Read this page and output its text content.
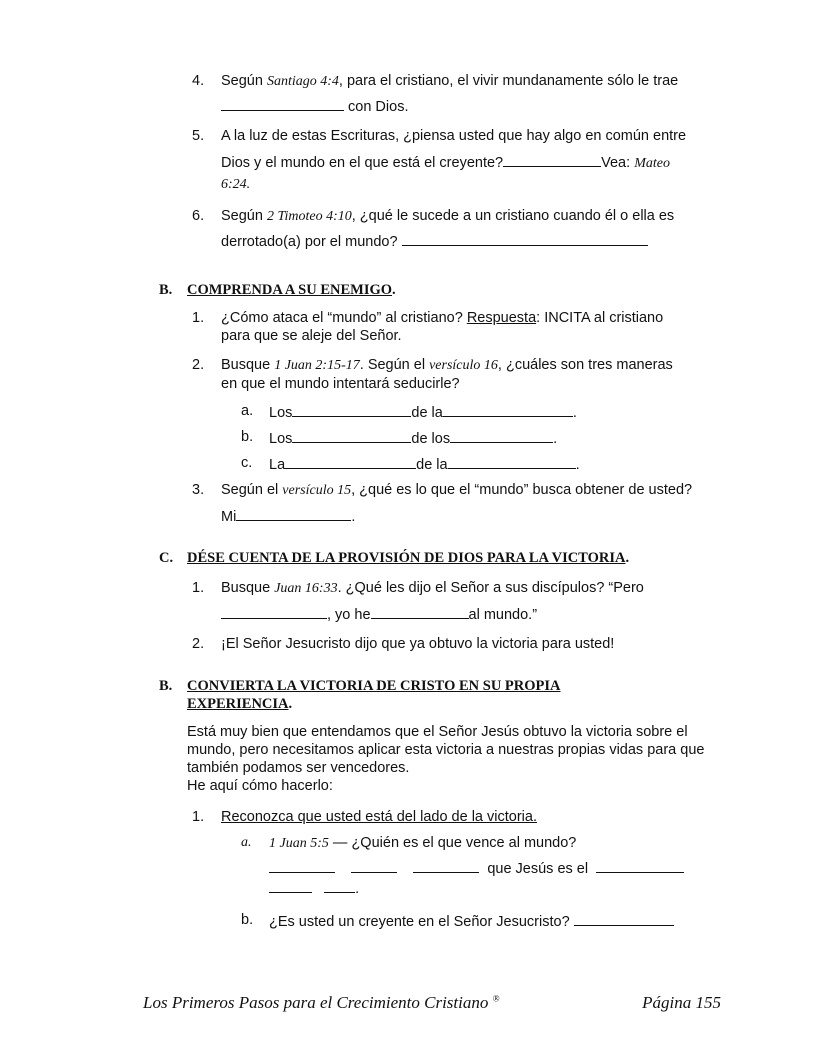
4. Según Santiago 4:4, para el cristiano, el vivir mundanamente sólo le trae
con Dios.
5. A la luz de estas Escrituras, ¿piensa usted que hay algo en común entre
Dios y el mundo en el que está el creyente?	Vea: Mateo
6:24.
6. Según 2 Timoteo 4:10, ¿qué le sucede a un cristiano cuando él o ella es
derrotado(a) por el mundo?
B. COMPRENDA A SU ENEMIGO.
1. ¿Cómo ataca el “mundo” al cristiano? Respuesta: INCITA al cristiano
para que se aleje del Señor.
2. Busque 1 Juan 2:15-17. Según el versículo 16, ¿cuáles son tres maneras
en que el mundo intentará seducirle?
a. Los	de la	.
b. Los	de los	.
c. La	de la	.
3. Según el versículo 15, ¿qué es lo que el “mundo” busca obtener de usted?
Mi	.
C. DÉSE CUENTA DE LA PROVISIÓN DE DIOS PARA LA VICTORIA.
1. Busque Juan 16:33. ¿Qué les dijo el Señor a sus discípulos? “Pero
, yo he	al mundo.”
2. ¡El Señor Jesucristo dijo que ya obtuvo la victoria para usted!
B. CONVIERTA LA VICTORIA DE CRISTO EN SU PROPIA
EXPERIENCIA.
Está muy bien que entendamos que el Señor Jesús obtuvo la victoria sobre el
mundo, pero necesitamos aplicar esta victoria a nuestras propias vidas para que
también podamos ser vencedores.
He aquí cómo hacerlo:
1. Reconozca que usted está del lado de la victoria.
a. 1 Juan 5:5 — ¿Quién es el que vence al mundo?
que Jesús es el
.
b. ¿Es usted un creyente en el Señor Jesucristo?
Los Primeros Pasos para el Crecimiento Cristiano ®	Página 155
